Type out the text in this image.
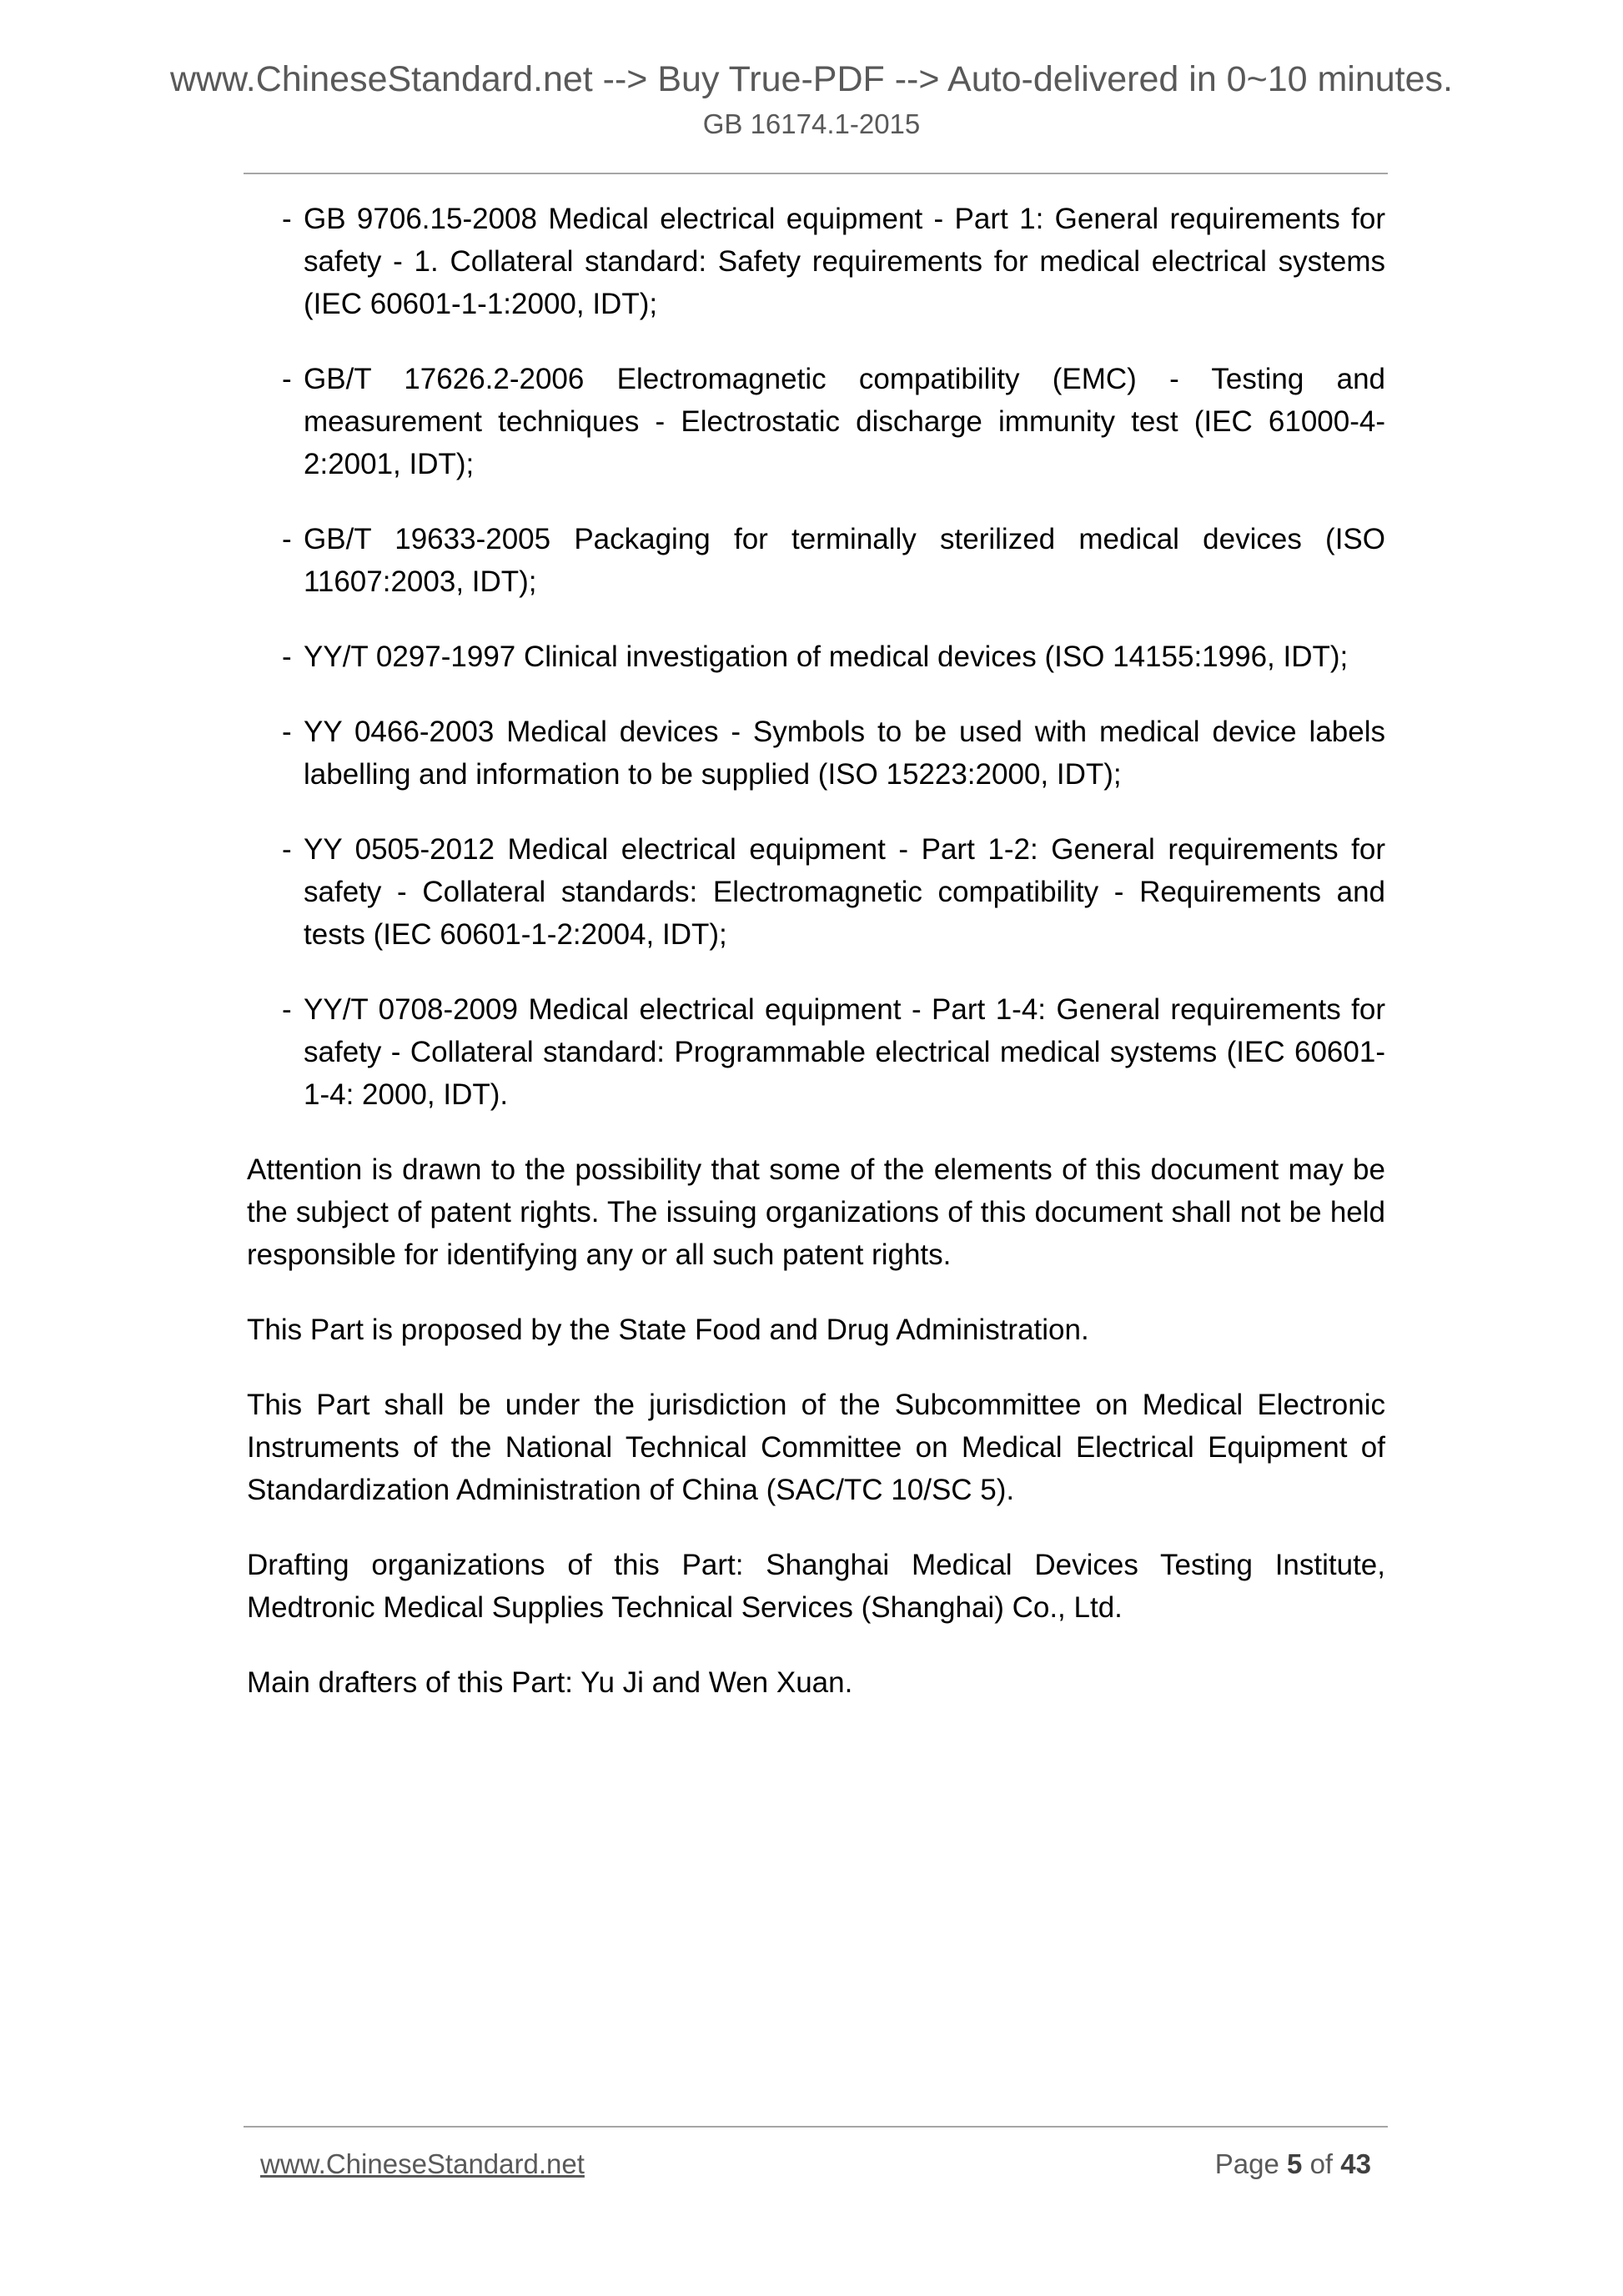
www.ChineseStandard.net --> Buy True-PDF --> Auto-delivered in 0~10 minutes.
GB 16174.1-2015
- GB 9706.15-2008 Medical electrical equipment - Part 1: General requirements for safety - 1. Collateral standard: Safety requirements for medical electrical systems (IEC 60601-1-1:2000, IDT);
- GB/T 17626.2-2006 Electromagnetic compatibility (EMC) - Testing and measurement techniques - Electrostatic discharge immunity test (IEC 61000-4-2:2001, IDT);
- GB/T 19633-2005 Packaging for terminally sterilized medical devices (ISO 11607:2003, IDT);
- YY/T 0297-1997 Clinical investigation of medical devices (ISO 14155:1996, IDT);
- YY 0466-2003 Medical devices - Symbols to be used with medical device labels labelling and information to be supplied (ISO 15223:2000, IDT);
- YY 0505-2012 Medical electrical equipment - Part 1-2: General requirements for safety - Collateral standards: Electromagnetic compatibility - Requirements and tests (IEC 60601-1-2:2004, IDT);
- YY/T 0708-2009 Medical electrical equipment - Part 1-4: General requirements for safety - Collateral standard: Programmable electrical medical systems (IEC 60601-1-4: 2000, IDT).

Attention is drawn to the possibility that some of the elements of this document may be the subject of patent rights. The issuing organizations of this document shall not be held responsible for identifying any or all such patent rights.

This Part is proposed by the State Food and Drug Administration.

This Part shall be under the jurisdiction of the Subcommittee on Medical Electronic Instruments of the National Technical Committee on Medical Electrical Equipment of Standardization Administration of China (SAC/TC 10/SC 5).

Drafting organizations of this Part: Shanghai Medical Devices Testing Institute, Medtronic Medical Supplies Technical Services (Shanghai) Co., Ltd.

Main drafters of this Part: Yu Ji and Wen Xuan.

www.ChineseStandard.net	Page 5 of 43
